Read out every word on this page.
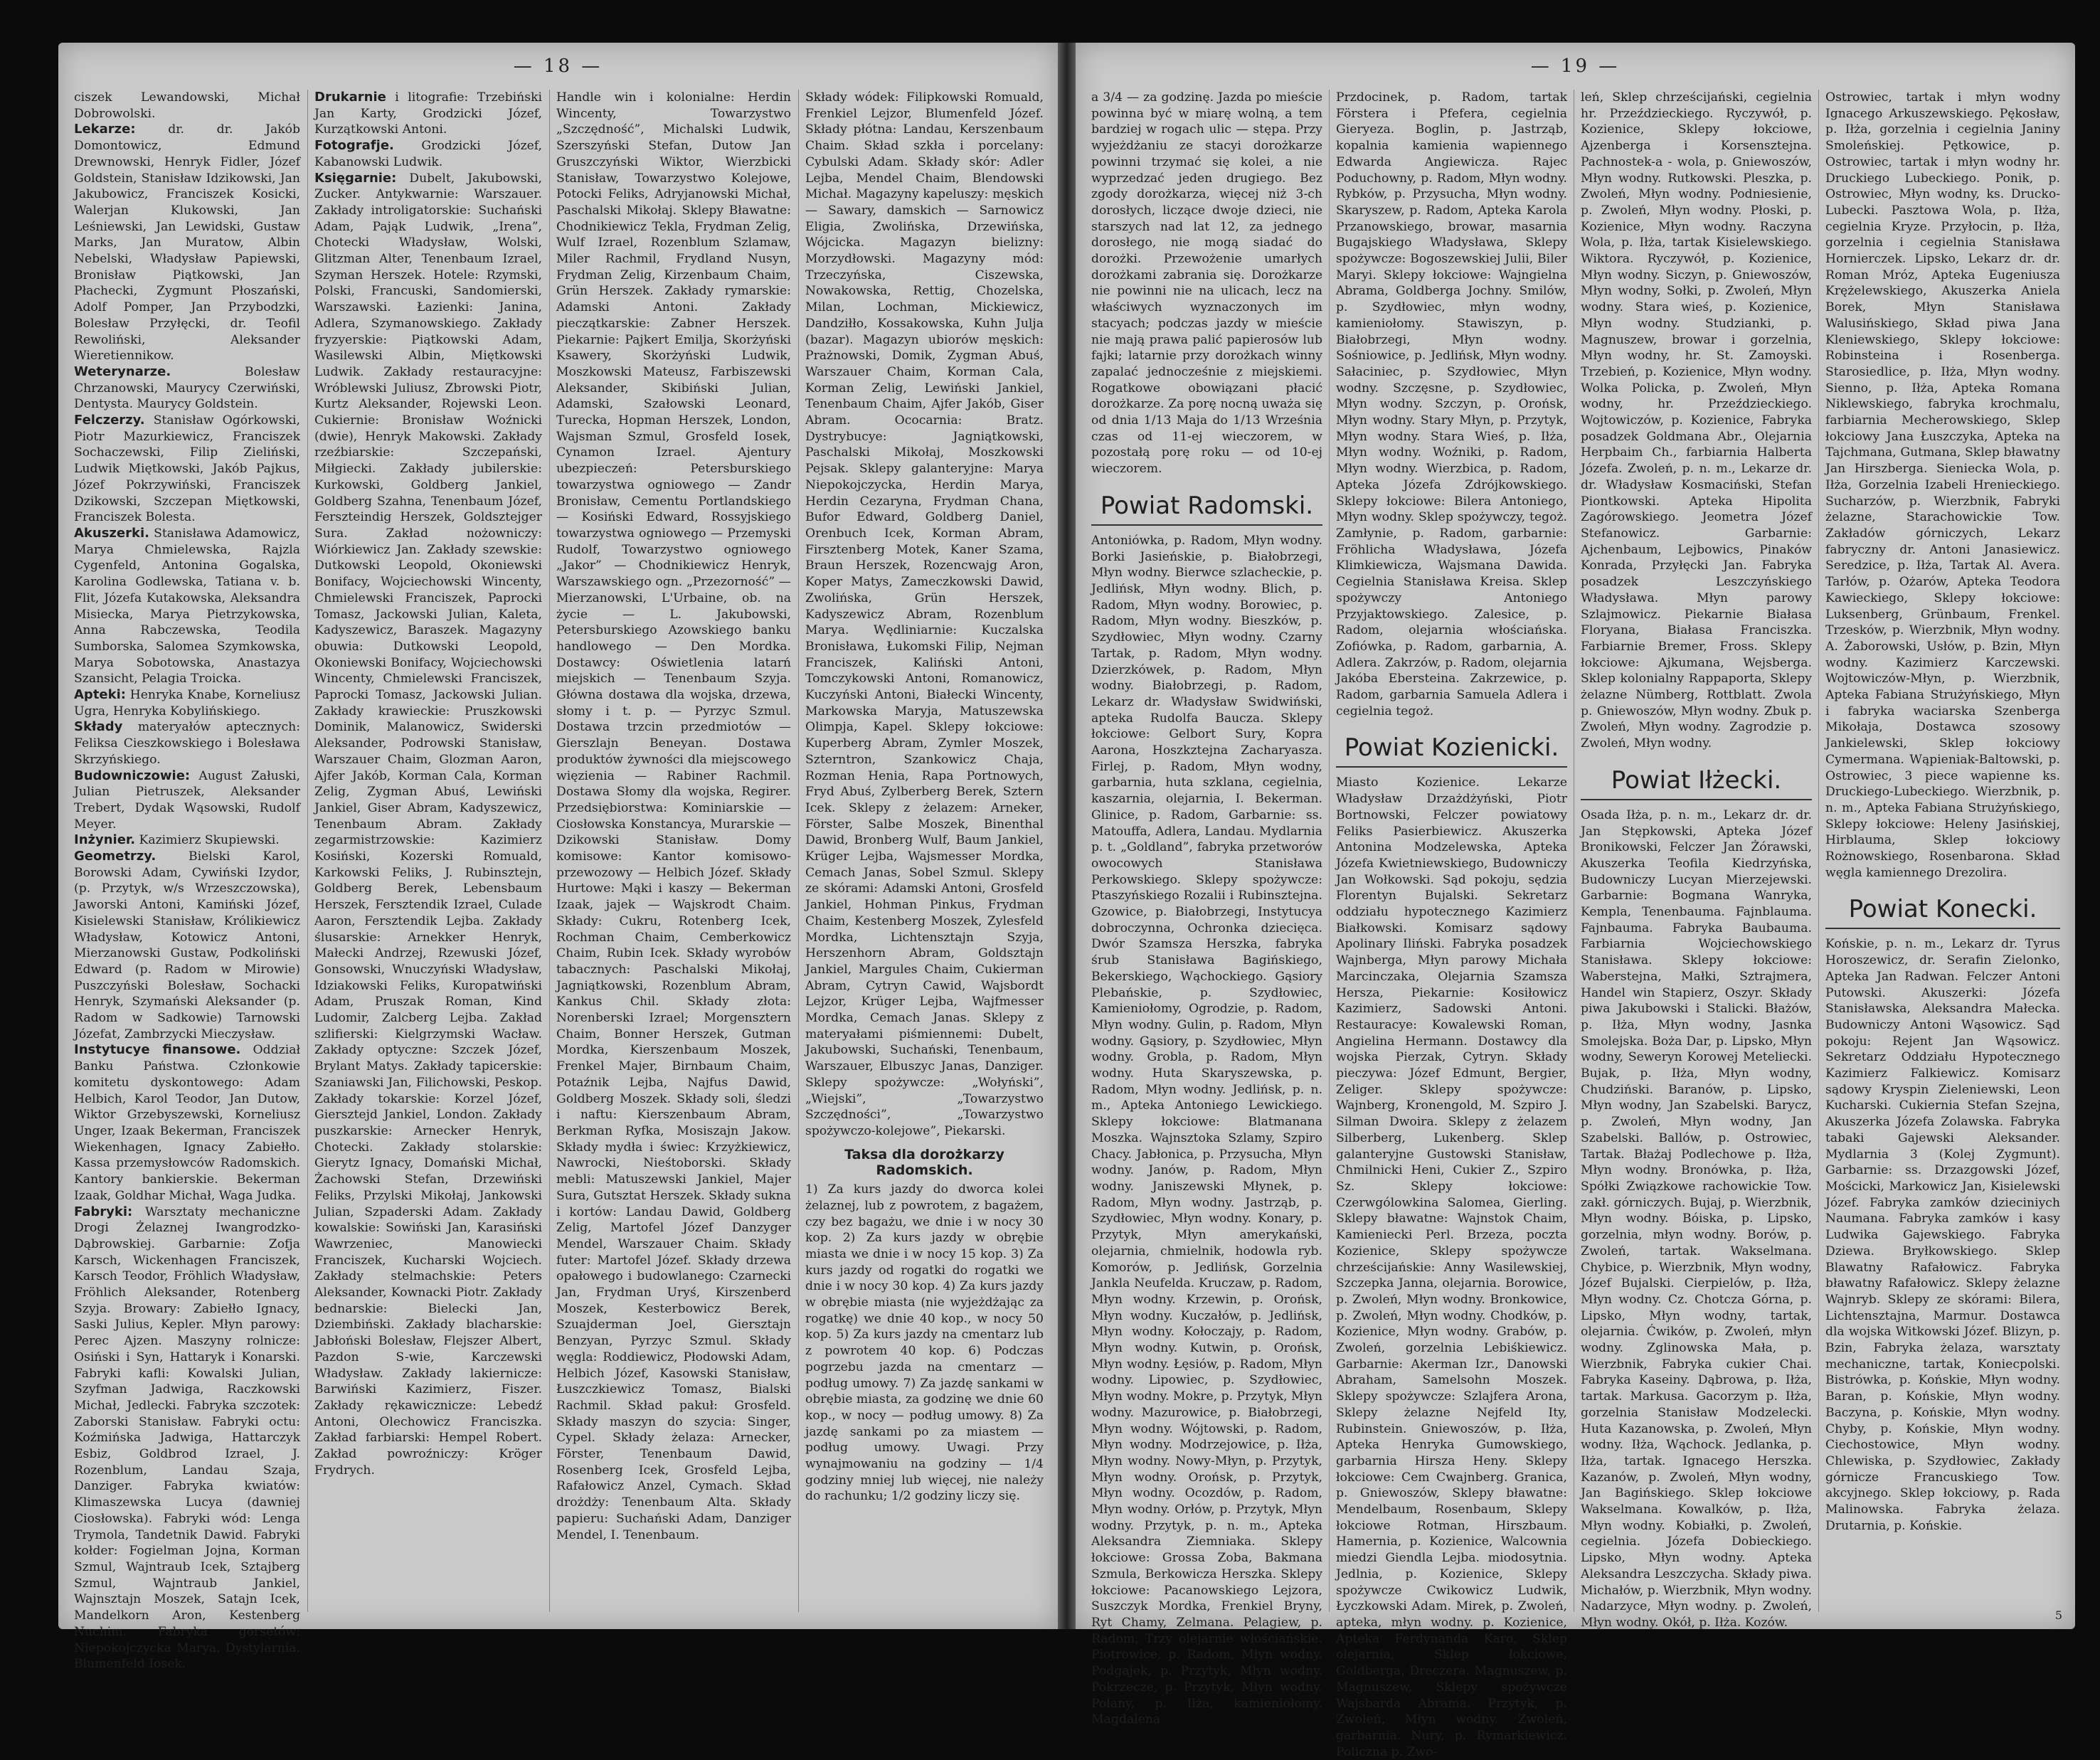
— 18 —

ciszek Lewandowski, Michał Dobrowolski.

Lekarze:	dr. dr. Jakób Domontowicz, Edmund Drewnowski, Henryk Fidler, Józef Goldstein, Stanisław Idzikowski, Jan Jakubowicz, Franciszek Kosicki, Walerjan Klukowski, Jan Leśniewski, Jan Lewidski, Gustaw Marks, Jan Muratow, Albin Nebelski, Władysław Papiewski, Bronisław Piątkowski, Jan Płachecki, Zygmunt Płoszański, Adolf Pomper, Jan Przybodzki, Bolesław Przyłęcki, dr. Teofil Rewoliński, Aleksander Wieretiennikow.

Weterynarze.	Bolesław Chrzanowski, Maurycy Czerwiński, Dentysta. Maurycy Goldstein.

Felczerzy. Stanisław Ogórkowski, Piotr Mazurkiewicz, Franciszek Sochaczewski, Filip Zieliński, Ludwik Miętkowski, Jakób Pajkus, Józef Pokrzywiński, Franciszek Dzikowski, Szczepan Miętkowski, Franciszek Bolesta.

Akuszerki. Stanisława Adamowicz, Marya Chmielewska, Rajzla Cygenfeld, Antonina Gogalska, Karolina Godlewska, Tatiana v. b. Flit, Józefa Kutakowska, Aleksandra Misiecka, Marya Pietrzykowska, Anna Rabczewska, Teodila Sumborska, Salomea Szymkowska, Marya Sobotowska, Anastazya Szansicht, Pelagia Troicka.

Apteki: Henryka Knabe, Korneliusz Ugra, Henryka Kobylińskiego.

Składy materyałów aptecznych: Feliksa Cieszkowskiego i Bolesława Skrzyńskiego.

Budowniczowie: August Załuski, Julian Pietruszek, Aleksander Trebert, Dydak Wąsowski, Rudolf Meyer.

Inżynier. Kazimierz Skupiewski.

Geometrzy.	Bielski Karol, Borowski Adam, Cywiński Izydor, (p. Przytyk, w/s Wrzeszczowska), Jaworski Antoni, Kamiński Józef, Kisielewski Stanisław, Królikiewicz Władysław, Kotowicz Antoni, Mierzanowski Gustaw, Podkoliński Edward (p. Radom w Mirowie) Puszczyński Bolesław, Sochacki Henryk, Szymański Aleksander (p. Radom w Sadkowie) Tarnowski Józefat, Zambrzycki Mieczysław.

Instytucye finansowe. Oddział Banku Państwa. Członkowie komitetu dyskontowego: Adam Helbich, Karol Teodor, Jan Dutow, Wiktor Grzebyszewski, Korneliusz Unger, Izaak Bekerman, Franciszek Wiekenhagen, Ignacy Zabiełło. Kassa przemysłowców Radomskich. Kantory bankierskie. Bekerman Izaak, Goldhar Michał, Waga Judka.

Fabryki: Warsztaty mechaniczne Drogi Żelaznej Iwangrodzko-Dąbrowskiej. Garbarnie: Zofja Karsch, Wickenhagen Franciszek, Karsch Teodor, Fröhlich Władysław, Fröhlich Aleksander, Rotenberg Szyja. Browary: Zabiełło Ignacy, Saski Julius, Kepler. Młyn parowy: Perec Ajzen. Maszyny rolnicze: Osiński i Syn, Hattaryk i Konarski. Fabryki kafli: Kowalski Julian, Szyfman Jadwiga, Raczkowski Michał, Jedlecki. Fabryka szczotek: Zaborski Stanisław. Fabryki octu: Koźmińska Jadwiga, Hattarczyk Esbiz, Goldbrod Izrael, J. Rozenblum, Landau Szaja, Danziger. Fabryka kwiatów: Klimaszewska Lucya (dawniej Ciosłowska). Fabryki wód: Lenga Trymola, Tandetnik Dawid. Fabryki kołder: Fogielman Jojna, Korman Szmul, Wajntraub Icek, Sztajberg Szmul, Wajntraub Jankiel, Wajnsztajn Moszek, Satajn Icek, Mandelkorn Aron, Kestenberg Nuchim. Fabryka gorsetów: Niepokojczycka Marya. Dystylarnia. Blumenfeld Iosek.

Drukarnie i litografie: Trzebiński Jan Karty, Grodzicki Józef, Kurzątkowski Antoni.

Fotografje. Grodzicki Józef, Kabanowski Ludwik.

Księgarnie: Dubelt, Jakubowski, Zucker. Antykwarnie: Warszauer. Zakłady introligatorskie: Suchański Adam, Pająk Ludwik, „Irena”, Chotecki Władysław, Wolski, Glitzman Alter, Tenenbaum Izrael, Szyman Herszek. Hotele: Rzymski, Polski, Francuski, Sandomierski, Warszawski. Łazienki: Janina, Adlera, Szymanowskiego. Zakłady fryzyerskie: Piątkowski Adam, Wasilewski Albin, Miętkowski Ludwik. Zakłady restauracyjne: Wróblewski Juliusz, Zbrowski Piotr, Kurtz Aleksander, Rojewski Leon. Cukiernie: Bronisław Woźnicki (dwie), Henryk Makowski. Zakłady rzeźbiarskie: Szczepański, Miłgiecki. Zakłady jubilerskie: Kurkowski, Goldberg Jankiel, Goldberg Szahna, Tenenbaum Józef, Ferszteindig Herszek, Goldsztejger Sura. Zakład nożowniczy: Wiórkiewicz Jan. Zakłady szewskie: Dutkowski Leopold, Okoniewski Bonifacy, Wojciechowski Wincenty, Chmielewski Franciszek, Paprocki Tomasz, Jackowski Julian, Kaleta, Kadyszewicz, Baraszek. Magazyny obuwia: Dutkowski Leopold, Okoniewski Bonifacy, Wojciechowski Wincenty, Chmielewski Franciszek, Paprocki Tomasz, Jackowski Julian. Zakłady krawieckie: Pruszkowski Dominik, Malanowicz, Swiderski Aleksander, Podrowski Stanisław, Warszauer Chaim, Glozman Aaron, Ajfer Jakób, Korman Cala, Korman Zelig, Zygman Abuś, Lewiński Jankiel, Giser Abram, Kadyszewicz, Tenenbaum Abram. Zakłady zegarmistrzowskie: Kazimierz Kosiński, Kozerski Romuald, Karkowski Feliks, J. Rubinsztejn, Goldberg Berek, Lebensbaum Herszek, Fersztendik Izrael, Culade Aaron, Fersztendik Lejba. Zakłady ślusarskie: Arnekker Henryk, Małecki Andrzej, Rzewuski Józef, Gonsowski, Wnuczyński Władysław, Idziakowski Feliks, Kuropatwiński Adam, Pruszak Roman, Kind Ludomir, Zalcberg Lejba. Zakład szlifierski: Kielgrzymski Wacław. Zakłady optyczne: Szczek Józef, Brylant Matys. Zakłady tapicerskie: Szaniawski Jan, Filichowski, Peskop. Zakłady tokarskie: Korzel Józef, Giersztejd Jankiel, London. Zakłady puszkarskie: Arnecker Henryk, Chotecki. Zakłady stolarskie: Gierytz Ignacy, Domański Michał, Żachowski Stefan, Drzewiński Feliks, Przylski Mikołaj, Jankowski Julian, Szpaderski Adam. Zakłady kowalskie: Sowiński Jan, Karasiński Wawrzeniec, Manowiecki Franciszek, Kucharski Wojciech. Zakłady stelmachskie: Peters Aleksander, Kownacki Piotr. Zakłady bednarskie: Bielecki Jan, Dziembiński. Zakłady blacharskie: Jabłoński Bolesław, Flejszer Albert, Pazdon S-wie, Karczewski Władysław. Zakłady lakiernicze: Barwiński Kazimierz, Fiszer. Zakłady rękawicznicze: Lebedź Antoni, Olechowicz Franciszka. Zakład farbiarski: Hempel Robert. Zakład powroźniczy: Kröger Frydrych.

Handle win i kolonialne: Herdin Wincenty, Towarzystwo „Szczędność”, Michalski Ludwik, Szerszyński Stefan, Dutow Jan Gruszczyński Wiktor, Wierzbicki Stanisław, Towarzystwo Kolejowe, Potocki Feliks, Adryjanowski Michał, Paschalski Mikołaj. Sklepy Bławatne: Chodnikiewicz Tekla, Frydman Zelig, Wulf Izrael, Rozenblum Szlamaw, Miler Rachmil, Frydland Nusyn, Frydman Zelig, Kirzenbaum Chaim, Grün Herszek. Zakłady rymarskie: Adamski Antoni. Zakłady pieczątkarskie: Zabner Herszek. Piekarnie: Pajkert Emilja, Skorżyński Ksawery, Skorżyński Ludwik, Moszkowski Mateusz, Farbiszewski Aleksander, Skibiński Julian, Adamski, Szałowski Leonard, Turecka, Hopman Herszek, London, Wajsman Szmul, Grosfeld Iosek, Cynamon Izrael. Ajentury ubezpieczeń: Petersburskiego towarzystwa ogniowego — Zandr Bronisław, Cementu Portlandskiego — Kosiński Edward, Rossyjskiego towarzystwa ogniowego — Przemyski Rudolf, Towarzystwo ogniowego „Jakor” — Chodnikiewicz Henryk, Warszawskiego ogn. „Przezorność” — Mierzanowski, L'Urbaine, ob. na życie — L. Jakubowski, Petersburskiego Azowskiego banku handlowego — Den Mordka. Dostawcy: Oświetlenia latarń miejskich — Tenenbaum Szyja. Główna dostawa dla wojska, drzewa, słomy i t. p. — Pyrzyc Szmul. Dostawa trzcin przedmiotów — Gierszlajn Beneyan. Dostawa produktów żywności dla miejscowego więzienia — Rabiner Rachmil. Dostawa Słomy dla wojska, Regirer. Przedsiębiorstwa: Kominiarskie — Ciosłowska Konstancya, Murarskie — Dzikowski Stanisław. Domy komisowe: Kantor komisowo-przewozowy — Helbich Józef. Składy Hurtowe: Mąki i kaszy — Bekerman Izaak, jajek — Wajskrodt Chaim. Składy: Cukru, Rotenberg Icek, Rochman Chaim, Cemberkowicz Chaim, Rubin Icek. Składy wyrobów tabacznych: Paschalski Mikołaj, Jagniątkowski, Rozenblum Abram, Kankus Chil. Składy złota: Norenberski Izrael; Morgensztern Chaim, Bonner Herszek, Gutman Mordka, Kierszenbaum Moszek, Frenkel Majer, Birnbaum Chaim, Potaźnik Lejba, Najfus Dawid, Goldberg Moszek. Składy soli, śledzi i naftu: Kierszenbaum Abram, Berkman Ryfka, Mosiszajn Jakow. Składy mydła i świec: Krzyżkiewicz, Nawrocki, Nieśtoborski. Składy mebli: Matuszewski Jankiel, Majer Sura, Gutsztat Herszek. Składy sukna i kortów: Landau Dawid, Goldberg Zelig, Martofel Józef Danzyger Mendel, Warszauer Chaim. Składy futer: Martofel Józef. Składy drzewa opałowego i budowlanego: Czarnecki Jan, Frydman Uryś, Kirszenberd Moszek, Kesterbowicz Berek, Szuajderman Joel, Giersztajn Benzyan, Pyrzyc Szmul. Składy węgla: Roddiewicz, Płodowski Adam, Helbich Józef, Kasowski Stanisław, Łuszczkiewicz Tomasz, Bialski Rachmil. Skład pakuł: Grosfeld. Składy maszyn do szycia: Singer, Cypel. Składy żelaza: Arnecker, Förster, Tenenbaum Dawid, Rosenberg Icek, Grosfeld Lejba, Rafałowicz Anzel, Cymach. Skład drożdży: Tenenbaum Alta. Składy papieru: Suchański Adam, Danziger Mendel, I. Tenenbaum.

Składy wódek: Filipkowski Romuald, Frenkiel Lejzor, Blumenfeld Józef. Składy płótna: Landau, Kerszenbaum Chaim. Skład szkła i porcelany: Cybulski Adam. Składy skór: Adler Lejba, Mendel Chaim, Blendowski Michał. Magazyny kapeluszy: męskich — Sawary, damskich — Sarnowicz Eligia, Zwolińska, Drzewińska, Wójcicka. Magazyn bielizny: Morzydłowski. Magazyny mód: Trzeczyńska, Ciszewska, Nowakowska, Rettig, Chozelska, Milan, Lochman, Mickiewicz, Dandziłło, Kossakowska, Kuhn Julja (bazar). Magazyn ubiorów męskich: Prażnowski, Domik, Zygman Abuś, Warszauer Chaim, Korman Cala, Korman Zelig, Lewiński Jankiel, Tenenbaum Chaim, Ajfer Jakób, Giser Abram. Ococarnia: Bratz. Dystrybucye: Jagniątkowski, Paschalski Mikołaj, Moszkowski Pejsak. Sklepy galanteryjne: Marya Niepokojczycka, Herdin Marya, Herdin Cezaryna, Frydman Chana, Bufor Edward, Goldberg Daniel, Orenbuch Icek, Korman Abram, Firsztenberg Motek, Kaner Szama, Braun Herszek, Rozencwajg Aron, Koper Matys, Zameczkowski Dawid, Zwolińska, Grün Herszek, Kadyszewicz Abram, Rozenblum Marya. Wędliniarnie: Kuczalska Bronisława, Łukomski Filip, Nejman Franciszek, Kaliński Antoni, Tomczykowski Antoni, Romanowicz, Kuczyński Antoni, Białecki Wincenty, Markowska Maryja, Matuszewska Olimpja, Kapel. Sklepy łokciowe: Kuperberg Abram, Zymler Moszek, Szterntron, Szankowicz Chaja, Rozman Henia, Rapa Portnowych, Fryd Abuś, Zylberberg Berek, Sztern Icek. Sklepy z żelazem: Arneker, Förster, Salbe Moszek, Binenthal Dawid, Bronberg Wulf, Baum Jankiel, Krüger Lejba, Wajsmesser Mordka, Cemach Janas, Sobel Szmul. Sklepy ze skórami: Adamski Antoni, Grosfeld Jankiel, Hohman Pinkus, Frydman Chaim, Kestenberg Moszek, Zylesfeld Mordka, Lichtensztajn Szyja, Herszenhorn Abram, Goldsztajn Jankiel, Margules Chaim, Cukierman Abram, Cytryn Cawid, Wajsbordt Lejzor, Krüger Lejba, Wajfmesser Mordka, Cemach Janas. Sklepy z materyałami piśmiennemi: Dubelt, Jakubowski, Suchański, Tenenbaum, Warszauer, Elbuszyc Janas, Danziger. Sklepy spożywcze: „Wołyński”, „Wiejski”, „Towarzystwo Szczędności”, „Towarzystwo spożywczo-kolejowe”, Piekarski.

Taksa dla dorożkarzy Radomskich.

1) Za kurs jazdy do dworca kolei żelaznej, lub z powrotem, z bagażem, czy bez bagażu, we dnie i w nocy 30 kop. 2) Za kurs jazdy w obrębie miasta we dnie i w nocy 15 kop. 3) Za kurs jazdy od rogatki do rogatki we dnie i w nocy 30 kop. 4) Za kurs jazdy w obrębie miasta (nie wyjeżdżając za rogatkę) we dnie 40 kop., w nocy 50 kop. 5) Za kurs jazdy na cmentarz lub z powrotem 40 kop. 6) Podczas pogrzebu jazda na cmentarz — podług umowy. 7) Za jazdę sankami w obrębie miasta, za godzinę we dnie 60 kop., w nocy — podług umowy. 8) Za jazdę sankami po za miastem — podług umowy. Uwagi. Przy wynajmowaniu na godziny — 1/4 godziny mniej lub więcej, nie należy do rachunku; 1/2 godziny liczy się.

— 19 —

a 3/4 — za godzinę. Jazda po mieście powinna być w miarę wolną, a tem bardziej w rogach ulic — stępa. Przy wyjeżdżaniu ze stacyi dorożkarze powinni trzymać się kolei, a nie wyprzedzać jeden drugiego. Bez zgody dorożkarza, więcej niż 3-ch dorosłych, liczące dwoje dzieci, nie starszych nad lat 12, za jednego dorosłego, nie mogą siadać do dorożki. Przewożenie umarłych dorożkami zabrania się. Dorożkarze nie powinni nie na ulicach, lecz na właściwych wyznaczonych im stacyach; podczas jazdy w mieście nie mają prawa palić papierosów lub fajki; latarnie przy dorożkach winny zapalać jednocześnie z miejskiemi. Rogatkowe obowiązani płacić dorożkarze. Za porę nocną uważa się od dnia 1/13 Maja do 1/13 Września czas od 11-ej wieczorem, w pozostałą porę roku — od 10-ej wieczorem.

Powiat Radomski.

Antoniówka, p. Radom, Młyn wodny. Borki Jasieńskie, p. Białobrzegi, Młyn wodny. Bierwce szlacheckie, p. Jedlińsk, Młyn wodny. Blich, p. Radom, Młyn wodny. Borowiec, p. Radom, Młyn wodny. Bieszków, p. Szydłowiec, Młyn wodny. Czarny Tartak, p. Radom, Młyn wodny. Dzierzkówek, p. Radom, Młyn wodny. Białobrzegi, p. Radom, Lekarz dr. Władysław Swidwiński, apteka Rudolfa Baucza. Sklepy łokciowe: Gelbort Sury, Kopra Aarona, Hoszkztejna Zacharyasza. Firlej, p. Radom, Młyn wodny, garbarnia, huta szklana, cegielnia, kaszarnia, olejarnia, I. Bekerman. Glinice, p. Radom, Garbarnie: ss. Matouffa, Adlera, Landau. Mydlarnia p. t. „Goldland”, fabryka przetworów owocowych Stanisława Perkowskiego. Sklepy spożywcze: Ptaszyńskiego Rozalii i Rubinsztejna. Gzowice, p. Białobrzegi, Instytucya dobroczynna, Ochronka dziecięca. Dwór Szamsza Herszka, fabryka śrub Stanisława Bagińskiego, Bekerskiego, Wąchockiego. Gąsiory Plebańskie, p. Szydłowiec, Kamieniołomy, Ogrodzie, p. Radom, Młyn wodny. Gulin, p. Radom, Młyn wodny. Gąsiory, p. Szydłowiec, Młyn wodny. Grobla, p. Radom, Młyn wodny. Huta Skaryszewska, p. Radom, Młyn wodny. Jedlińsk, p. n. m., Apteka Antoniego Lewickiego. Sklepy łokciowe: Blatmanana Moszka. Wajnsztoka Szlamy, Szpiro Chacy. Jabłonica, p. Przysucha, Młyn wodny. Janów, p. Radom, Młyn wodny. Janiszewski Młynek, p. Radom, Młyn wodny. Jastrząb, p. Szydłowiec, Młyn wodny. Konary, p. Przytyk, Młyn amerykański, olejarnia, chmielnik, hodowla ryb. Komorów, p. Jedlińsk, Gorzelnia Jankla Neufelda. Kruczaw, p. Radom, Młyn wodny. Krzewin, p. Orońsk, Młyn wodny. Kuczałów, p. Jedlińsk, Młyn wodny. Kołoczajy, p. Radom, Młyn wodny. Kutwin, p. Orońsk, Młyn wodny. Łęsiów, p. Radom, Młyn wodny. Lipowiec, p. Szydłowiec, Młyn wodny. Mokre, p. Przytyk, Młyn wodny. Mazurowice, p. Białobrzegi, Młyn wodny. Wójtowski, p. Radom, Młyn wodny. Modrzejowice, p. Iłża, Młyn wodny. Nowy-Młyn, p. Przytyk, Młyn wodny. Orońsk, p. Przytyk, Młyn wodny. Ocozdów, p. Radom, Młyn wodny. Orłów, p. Przytyk, Młyn wodny. Przytyk, p. n. m., Apteka Aleksandra Ziemniaka. Sklepy łokciowe: Grossa Zoba, Bakmana Szmula, Berkowicza Herszka. Sklepy łokciowe: Pacanowskiego Lejzora, Suszczyk Mordka, Frenkiel Bryny, Ryt Chamy, Zelmana. Pelagiew, p. Radom, Trzy olejarnie włościańskie. Piotrowice, p. Radom, Młyn wodny. Podgajek, p. Przytyk, Młyn wodny. Pokrzecze, p. Przytyk, Młyn wodny. Polany, p. Iłża, kamieniołomy. Magdalena

Przdocinek, p. Radom, tartak Förstera i Pfefera, cegielnia Gieryeza. Boglin, p. Jastrząb, kopalnia kamienia wapiennego Edwarda Angiewicza. Rajec Poduchowny, p. Radom, Młyn wodny. Rybków, p. Przysucha, Młyn wodny. Skaryszew, p. Radom, Apteka Karola Przanowskiego, browar, masarnia Bugajskiego Władysława, Sklepy spożywcze: Bogoszewskiej Julii, Biler Maryi. Sklepy łokciowe: Wajngielna Abrama, Goldberga Jochny. Smilów, p. Szydłowiec, młyn wodny, kamieniołomy. Stawiszyn, p. Białobrzegi, Młyn wodny. Sośniowice, p. Jedlińsk, Młyn wodny. Sałaciniec, p. Szydłowiec, Młyn wodny. Szczęsne, p. Szydłowiec, Młyn wodny. Szczyn, p. Orońsk, Młyn wodny. Stary Młyn, p. Przytyk, Młyn wodny. Stara Wieś, p. Iłża, Młyn wodny. Woźniki, p. Radom, Młyn wodny. Wierzbica, p. Radom, Apteka Józefa Zdrójkowskiego. Sklepy łokciowe: Bilera Antoniego, Młyn wodny. Sklep spożywczy, tegoż. Zamłynie, p. Radom, garbarnie: Fröhlicha Władysława, Józefa Klimkiewicza, Wajsmana Dawida. Cegielnia Stanisława Kreisa. Sklep spożywczy Antoniego Przyjaktowskiego. Zalesice, p. Radom, olejarnia włościańska. Zofiówka, p. Radom, garbarnia, A. Adlera. Zakrzów, p. Radom, olejarnia Jakóba Ebersteina. Zakrzewice, p. Radom, garbarnia Samuela Adlera i cegielnia tegoż.

Powiat Kozienicki.

Miasto Kozienice. Lekarze Władysław Drzażdżyński, Piotr Bortnowski, Felczer powiatowy Feliks Pasierbiewicz. Akuszerka Antonina Modzelewska, Apteka Józefa Kwietniewskiego, Budowniczy Jan Wołkowski. Sąd pokoju, sędzia Florentyn Bujalski. Sekretarz oddziału hypotecznego Kazimierz Białkowski. Komisarz sądowy Apolinary Iliński. Fabryka posadzek Wajnberga, Młyn parowy Michała Marcinczaka, Olejarnia Szamsza Hersza, Piekarnie: Kosiłowicz Kazimierz, Sadowski Antoni. Restauracye: Kowalewski Roman, Angielina Hermann. Dostawcy dla wojska Pierzak, Cytryn. Składy pieczywa: Józef Edmunt, Bergier, Zeliger. Sklepy spożywcze: Wajnberg, Kronengold, M. Szpiro J. Silman Dwoira. Sklepy z żelazem Silberberg, Lukenberg. Sklep galanteryjne Gustowski Stanisław, Chmilnicki Heni, Cukier Z., Szpiro Sz. Sklepy łokciowe: Czerwgólowkina Salomea, Gierling. Sklepy bławatne: Wajnstok Chaim, Kamieniecki Perl. Brzeza, poczta Kozienice, Sklepy spożywcze chrześcijańskie: Anny Wasilewskiej, Szczepka Janna, olejarnia. Borowice, p. Zwoleń, Młyn wodny. Bronkowice, p. Zwoleń, Młyn wodny. Chodków, p. Kozienice, Młyn wodny. Grabów, p. Zwoleń, gorzelnia Lebiśkiewicz. Garbarnie: Akerman Izr., Danowski Abraham, Samelsohn Moszek. Sklepy spożywcze: Szlajfera Arona, Sklepy żelazne Nejfeld Ity, Rubinstein. Gniewoszów, p. Iłża, Apteka Henryka Gumowskiego, garbarnia Hirsza Heny. Sklepy łokciowe: Cem Cwajnberg. Granica, p. Gniewoszów, Sklepy bławatne: Mendelbaum, Rosenbaum, Sklepy łokciowe Rotman, Hirszbaum. Hamernia, p. Kozienice, Walcownia miedzi Giendla Lejba. miodosytnia. Jedlnia, p. Kozienice, Sklepy spożywcze Cwikowicz Ludwik, Łyczkowski Adam. Mirek, p. Zwoleń, apteka, młyn wodny. p. Kozienice, Apteka Ferdynanda Karo, Sklep olejarnia, Sklep łokciowe, Goldberga, Dreczera. Magnuszew, p. Magnuszew, Sklepy spożywcze Wajsbarda Abrama. Przytyk, p. Zwoleń, Młyn wodny. Zwoleń, garbarnia. Nury, p. Rymarkiewicz. Policzna p. Zwo-

leń, Sklep chrześcijański, cegielnia hr. Przeździeckiego. Ryczywół, p. Kozienice, Sklepy łokciowe, Ajzenberga i Korsensztejna. Pachnostek-a - wola, p. Gniewoszów, Młyn wodny. Rutkowski. Pleszka, p. Zwoleń, Młyn wodny. Podniesienie, p. Zwoleń, Młyn wodny. Płoski, p. Kozienice, Młyn wodny. Raczyna Wola, p. Iłża, tartak Kisielewskiego. Wiktora. Ryczywół, p. Kozienice, Młyn wodny. Siczyn, p. Gniewoszów, Młyn wodny, Sołki, p. Zwoleń, Młyn wodny. Stara wieś, p. Kozienice, Młyn wodny. Studzianki, p. Magnuszew, browar i gorzelnia, Młyn wodny, hr. St. Zamoyski. Trzebień, p. Kozienice, Młyn wodny. Wolka Policka, p. Zwoleń, Młyn wodny, hr. Przeździeckiego. Wojtowiczów, p. Kozienice, Fabryka posadzek Goldmana Abr., Olejarnia Herpbaim Ch., farbiarnia Halberta Józefa. Zwoleń, p. n. m., Lekarze dr. dr. Władysław Kosmaciński, Stefan Piontkowski. Apteka Hipolita Zagórowskiego. Jeometra Józef Stefanowicz. Garbarnie: Ajchenbaum, Lejbowics, Pinaków Konrada, Przyłęcki Jan. Fabryka posadzek Leszczyńskiego Władysława. Młyn parowy Szlajmowicz. Piekarnie Białasa Floryana, Białasa Franciszka. Farbiarnie Bremer, Fross. Sklepy łokciowe: Ajkumana, Wejsberga. Sklep kolonialny Rappaporta, Sklepy żelazne Nümberg, Rottblatt. Zwola p. Gniewoszów, Młyn wodny. Zbuk p. Zwoleń, Młyn wodny. Zagrodzie p. Zwoleń, Młyn wodny.

Powiat Iłżecki.

Osada Iłża, p. n. m., Lekarz dr. dr. Jan Stępkowski, Apteka Józef Bronikowski, Felczer Jan Żórawski, Akuszerka Teofila Kiedrzyńska, Budowniczy Lucyan Mierzejewski. Garbarnie: Bogmana Wanryka, Kempla, Tenenbauma. Fajnblauma. Fajnbauma. Fabryka Baubauma. Farbiarnia Wojciechowskiego Stanisława. Sklepy łokciowe: Waberstejna, Małki, Sztrajmera, Handel win Stapierz, Oszyr. Składy piwa Jakubowski i Stalicki. Błażów, p. Iłża, Młyn wodny, Jasnka Smolejska. Boża Dar, p. Lipsko, Młyn wodny, Seweryn Korowej Meteliecki. Bujak, p. Iłża, Młyn wodny, Chudziński. Baranów, p. Lipsko, Młyn wodny, Jan Szabelski. Barycz, p. Zwoleń, Młyn wodny, Jan Szabelski. Ballów, p. Ostrowiec, Tartak. Błażaj Podlechowe p. Iłża, Młyn wodny. Bronówka, p. Iłża, Spółki Związkowe rachowickie Tow. zakł. górniczych. Bujaj, p. Wierzbnik, Młyn wodny. Bóiska, p. Lipsko, gorzelnia, młyn wodny. Borów, p. Zwoleń, tartak. Wakselmana. Chybice, p. Wierzbnik, Młyn wodny, Józef Bujalski. Cierpielów, p. Iłża, Młyn wodny. Cz. Chotcza Górna, p. Lipsko, Młyn wodny, tartak, olejarnia. Ćwików, p. Zwoleń, młyn wodny. Zglinowska Mała, p. Wierzbnik, Fabryka cukier Chai. Fabryka Kaseiny. Dąbrowa, p. Iłża, tartak. Markusa. Gacorzym p. Iłża, gorzelnia Stanisław Modzelecki. Huta Kazanowska, p. Zwoleń, Młyn wodny. Iłża, Wąchock. Jedlanka, p. Iłża, tartak. Ignacego Herszka. Kazanów, p. Zwoleń, Młyn wodny, Jan Bagińskiego. Sklep łokciowe Wakselmana. Kowalków, p. Iłża, Młyn wodny. Kobiałki, p. Zwoleń, cegielnia. Józefa Dobieckiego. Lipsko, Młyn wodny. Apteka Aleksandra Leszczycha. Składy piwa. Michałów, p. Wierzbnik, Młyn wodny. Nadarzyce, Młyn wodny. p. Zwoleń, Młyn wodny. Okół, p. Iłża. Kozów.

Ostrowiec, tartak i młyn wodny Ignacego Arkuszewskiego. Pękosław, p. Iłża, gorzelnia i cegielnia Janiny Smoleńskiej. Pętkowice, p. Ostrowiec, tartak i młyn wodny hr. Druckiego Lubeckiego. Ponik, p. Ostrowiec, Młyn wodny, ks. Drucko-Lubecki. Pasztowa Wola, p. Iłża, cegielnia Kryze. Przyłocin, p. Iłża, gorzelnia i cegielnia Stanisława Hornierczek. Lipsko, Lekarz dr. dr. Roman Mróz, Apteka Eugeniusza Krężelewskiego, Akuszerka Aniela Borek, Młyn Stanisława Walusińskiego, Skład piwa Jana Kleniewskiego, Sklepy łokciowe: Robinsteina i Rosenberga. Starosiedlice, p. Iłża, Młyn wodny. Sienno, p. Iłża, Apteka Romana Niklewskiego, fabryka krochmalu, farbiarnia Mecherowskiego, Sklep łokciowy Jana Łuszczyka, Apteka na Tajchmana, Gutmana, Sklep bławatny Jan Hirszberga. Sieniecka Wola, p. Iłża, Gorzelnia Izabeli Hrenieckiego. Sucharzów, p. Wierzbnik, Fabryki żelazne, Starachowickie Tow. Zakładów górniczych, Lekarz fabryczny dr. Antoni Janasiewicz. Seredzice, p. Iłża, Tartak Al. Avera. Tarłów, p. Ożarów, Apteka Teodora Kawieckiego, Sklepy łokciowe: Luksenberg, Grünbaum, Frenkel. Trzesków, p. Wierzbnik, Młyn wodny. A. Żaborowski, Usłów, p. Bzin, Młyn wodny. Kazimierz Karczewski. Wojtowiczów-Młyn, p. Wierzbnik, Apteka Fabiana Strużyńskiego, Młyn i fabryka waciarska Szenberga Mikołaja, Dostawca szosowy Jankielewski, Sklep łokciowy Cymermana. Wąpieniak-Baltowski, p. Ostrowiec, 3 piece wapienne ks. Druckiego-Lubeckiego. Wierzbnik, p. n. m., Apteka Fabiana Strużyńskiego, Sklepy łokciowe: Heleny Jasińskiej, Hirblauma, Sklep łokciowy Rożnowskiego, Rosenbarona. Skład węgla kamiennego Drezolira.

Powiat Konecki.

Końskie, p. n. m., Lekarz dr. Tyrus Horoszewicz, dr. Serafin Zielonko, Apteka Jan Radwan. Felczer Antoni Putowski. Akuszerki: Józefa Stanisławska, Aleksandra Małecka. Budowniczy Antoni Wąsowicz. Sąd pokoju: Rejent Jan Wąsowicz. Sekretarz Oddziału Hypotecznego Kazimierz Falkiewicz. Komisarz sądowy Kryspin Zieleniewski, Leon Kucharski. Cukiernia Stefan Szejna, Akuszerka Józefa Zolawska. Fabryka tabaki Gajewski Aleksander. Mydlarnia 3 (Kolej Zygmunt). Garbarnie: ss. Drzazgowski Józef, Mościcki, Markowicz Jan, Kisielewski Józef. Fabryka zamków dzieciniych Naumana. Fabryka zamków i kasy Ludwika Gajewskiego. Fabryka Dziewa. Bryłkowskiego. Sklep Blawatny Rafałowicz. Fabryka bławatny Rafałowicz. Sklepy żelazne Wajnryb. Sklepy ze skórami: Bilera, Lichtensztajna, Marmur. Dostawca dla wojska Witkowski Józef. Blizyn, p. Bzin, Fabryka żelaza, warsztaty mechaniczne, tartak, Koniecpolski. Bistrówka, p. Końskie, Młyn wodny. Baran, p. Końskie, Młyn wodny. Baczyna, p. Końskie, Młyn wodny. Chyby, p. Końskie, Młyn wodny. Ciechostowice, Młyn wodny. Chlewiska, p. Szydłowiec, Zakłady górnicze Francuskiego Tow. akcyjnego. Sklep łokciowy, p. Rada Malinowska. Fabryka żelaza. Drutarnia, p. Końskie.

5
